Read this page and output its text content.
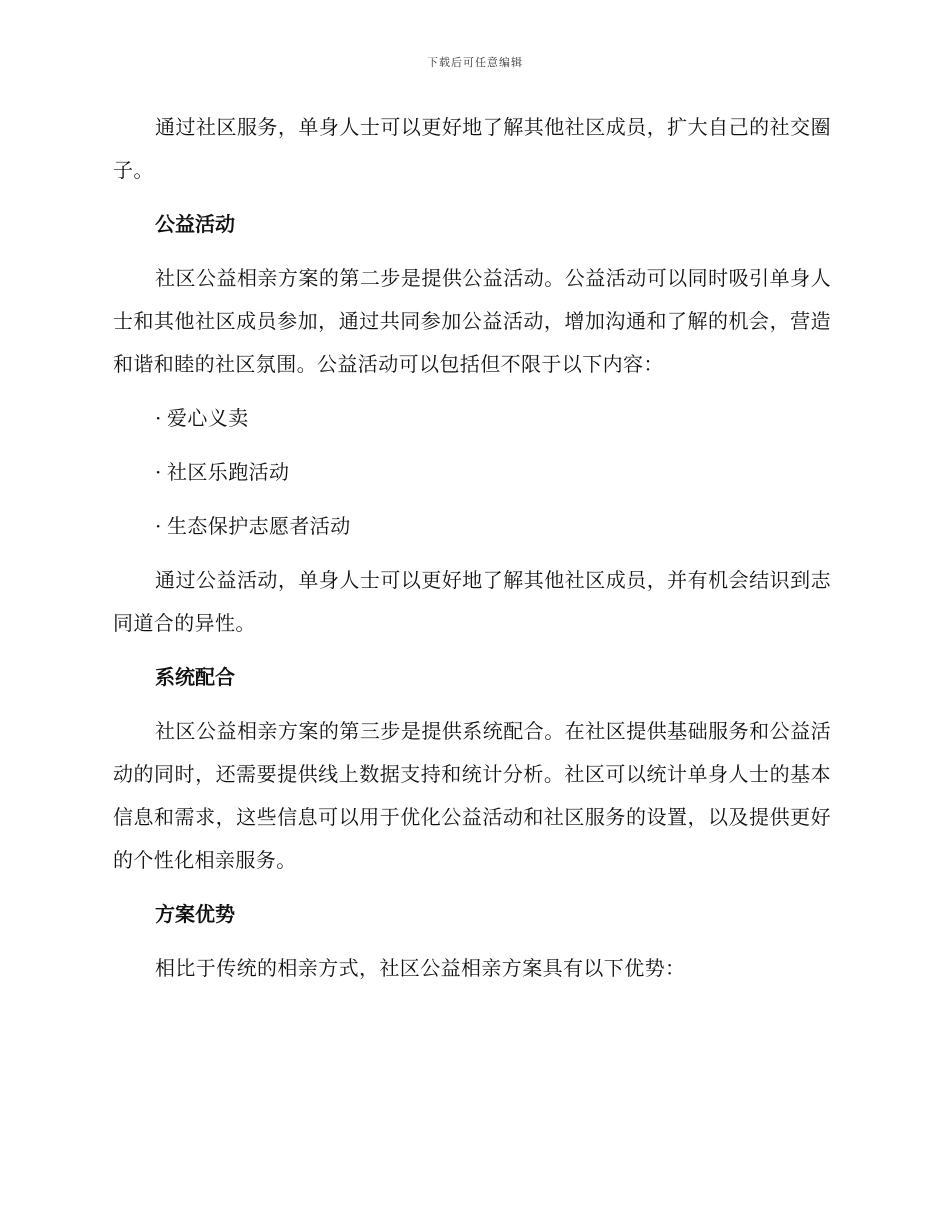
下载后可任意编辑

通过社区服务，单身人士可以更好地了解其他社区成员，扩大自己的社交圈子。

公益活动

社区公益相亲方案的第二步是提供公益活动。公益活动可以同时吸引单身人士和其他社区成员参加，通过共同参加公益活动，增加沟通和了解的机会，营造和谐和睦的社区氛围。公益活动可以包括但不限于以下内容：

· 爱心义卖
· 社区乐跑活动
· 生态保护志愿者活动

通过公益活动，单身人士可以更好地了解其他社区成员，并有机会结识到志同道合的异性。

系统配合

社区公益相亲方案的第三步是提供系统配合。在社区提供基础服务和公益活动的同时，还需要提供线上数据支持和统计分析。社区可以统计单身人士的基本信息和需求，这些信息可以用于优化公益活动和社区服务的设置，以及提供更好的个性化相亲服务。

方案优势

相比于传统的相亲方式，社区公益相亲方案具有以下优势：
